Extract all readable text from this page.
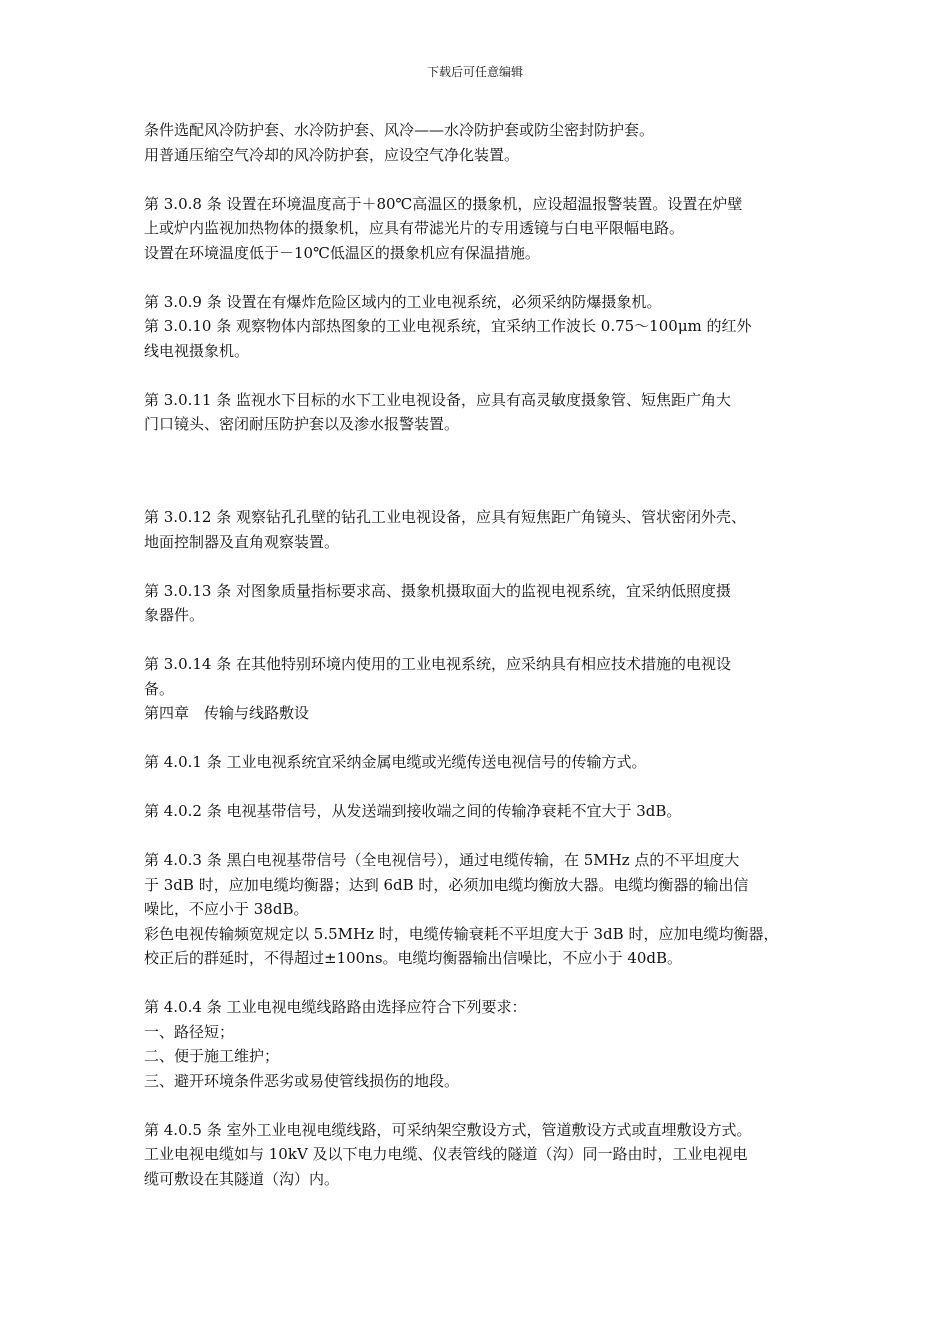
下载后可任意编辑
条件选配风冷防护套、水冷防护套、风冷——水冷防护套或防尘密封防护套。
用普通压缩空气冷却的风冷防护套，应设空气净化装置。
第 3.0.8 条 设置在环境温度高于＋80℃高温区的摄象机，应设超温报警装置。设置在炉壁
上或炉内监视加热物体的摄象机，应具有带滤光片的专用透镜与白电平限幅电路。
设置在环境温度低于－10℃低温区的摄象机应有保温措施。
第 3.0.9 条 设置在有爆炸危险区域内的工业电视系统，必须采纳防爆摄象机。
第 3.0.10 条 观察物体内部热图象的工业电视系统，宜采纳工作波长 0.75～100μm 的红外
线电视摄象机。
第 3.0.11 条 监视水下目标的水下工业电视设备，应具有高灵敏度摄象管、短焦距广角大
门口镜头、密闭耐压防护套以及渗水报警装置。
第 3.0.12 条 观察钻孔孔壁的钻孔工业电视设备，应具有短焦距广角镜头、管状密闭外壳、
地面控制器及直角观察装置。
第 3.0.13 条 对图象质量指标要求高、摄象机摄取面大的监视电视系统，宜采纳低照度摄
象器件。
第 3.0.14 条 在其他特别环境内使用的工业电视系统，应采纳具有相应技术措施的电视设
备。
第四章　传输与线路敷设
第 4.0.1 条 工业电视系统宜采纳金属电缆或光缆传送电视信号的传输方式。
第 4.0.2 条 电视基带信号，从发送端到接收端之间的传输净衰耗不宜大于 3dB。
第 4.0.3 条 黑白电视基带信号（全电视信号），通过电缆传输，在 5MHz 点的不平坦度大
于 3dB 时，应加电缆均衡器；达到 6dB 时，必须加电缆均衡放大器。电缆均衡器的输出信
噪比，不应小于 38dB。
彩色电视传输频宽规定以 5.5MHz 时，电缆传输衰耗不平坦度大于 3dB 时，应加电缆均衡器，
校正后的群延时，不得超过±100ns。电缆均衡器输出信噪比，不应小于 40dB。
第 4.0.4 条 工业电视电缆线路路由选择应符合下列要求：
一、路径短；
二、便于施工维护；
三、避开环境条件恶劣或易使管线损伤的地段。
第 4.0.5 条 室外工业电视电缆线路，可采纳架空敷设方式，管道敷设方式或直埋敷设方式。
工业电视电缆如与 10kV 及以下电力电缆、仪表管线的隧道（沟）同一路由时，工业电视电
缆可敷设在其隧道（沟）内。
